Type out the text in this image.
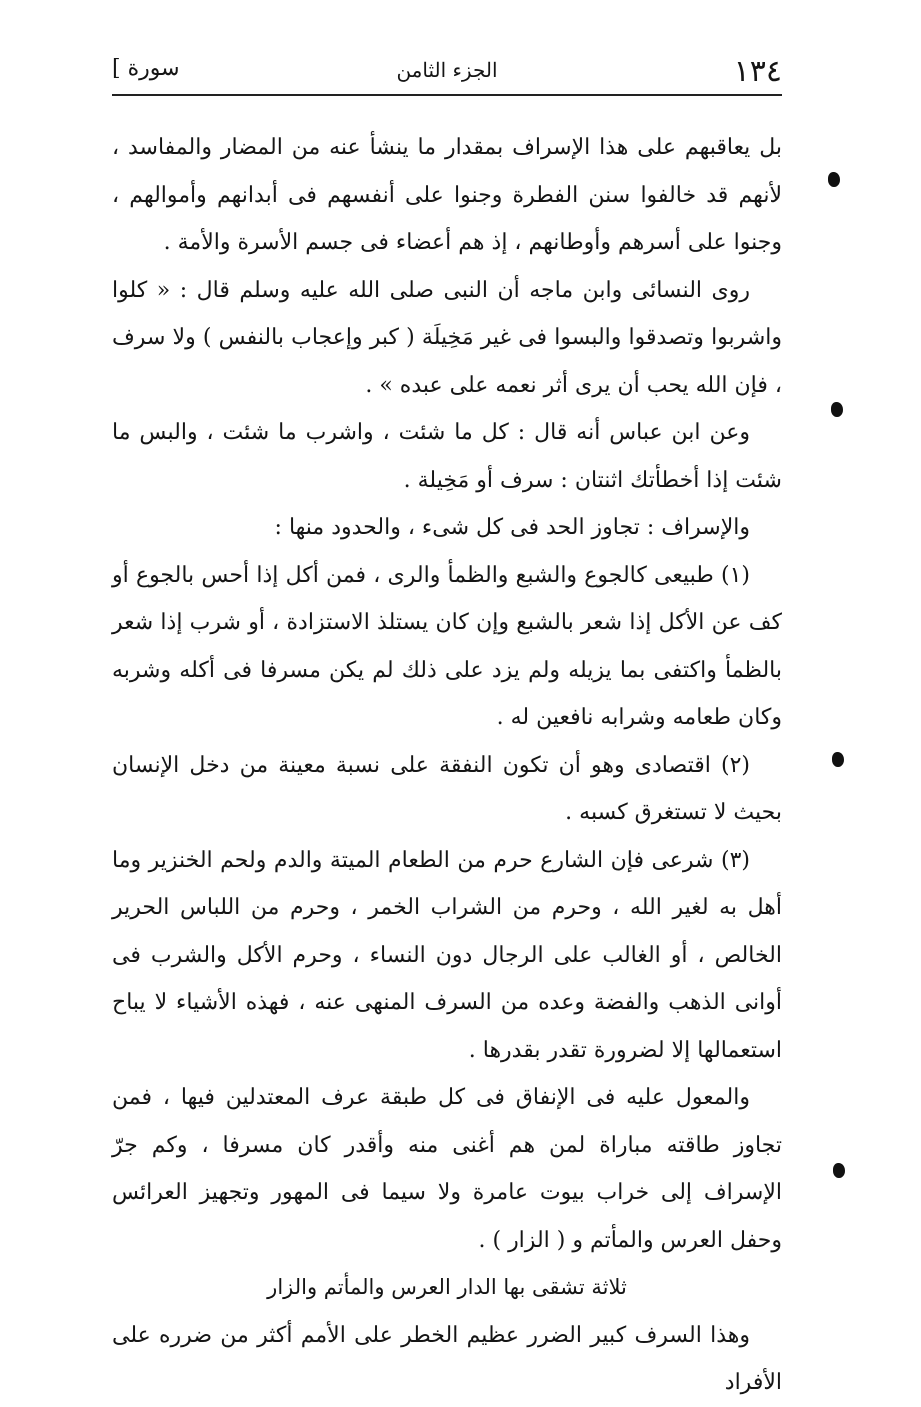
١٣٤
الجزء الثامن
[ سورة

بل يعاقبهم على هذا الإسراف بمقدار ما ينشأ عنه من المضار والمفاسد ، لأنهم قد خالفوا سنن الفطرة وجنوا على أنفسهم فى أبدانهم وأموالهم ، وجنوا على أسرهم وأوطانهم ، إذ هم أعضاء فى جسم الأسرة والأمة .

روى النسائى وابن ماجه أن النبى صلى الله عليه وسلم قال : « كلوا واشربوا وتصدقوا والبسوا فى غير مَخِيلَة ( كبر وإعجاب بالنفس ) ولا سرف ، فإن الله يحب أن يرى أثر نعمه على عبده » .

وعن ابن عباس أنه قال : كل ما شئت ، واشرب ما شئت ، والبس ما شئت إذا أخطأتك اثنتان : سرف أو مَخِيلة .

والإسراف : تجاوز الحد فى كل شىء ، والحدود منها :

(١) طبيعى كالجوع والشبع والظمأ والرى ، فمن أكل إذا أحس بالجوع أو كف عن الأكل إذا شعر بالشبع وإن كان يستلذ الاستزادة ، أو شرب إذا شعر بالظمأ واكتفى بما يزيله ولم يزد على ذلك لم يكن مسرفا فى أكله وشربه وكان طعامه وشرابه نافعين له .

(٢) اقتصادى وهو أن تكون النفقة على نسبة معينة من دخل الإنسان بحيث لا تستغرق كسبه .

(٣) شرعى فإن الشارع حرم من الطعام الميتة والدم ولحم الخنزير وما أهل به لغير الله ، وحرم من الشراب الخمر ، وحرم من اللباس الحرير الخالص ، أو الغالب على الرجال دون النساء ، وحرم الأكل والشرب فى أوانى الذهب والفضة وعده من السرف المنهى عنه ، فهذه الأشياء لا يباح استعمالها إلا لضرورة تقدر بقدرها .

والمعول عليه فى الإنفاق فى كل طبقة عرف المعتدلين فيها ، فمن تجاوز طاقته مباراة لمن هم أغنى منه وأقدر كان مسرفا ، وكم جرّ الإسراف إلى خراب بيوت عامرة ولا سيما فى المهور وتجهيز العرائس وحفل العرس والمأتم و ( الزار ) .

ثلاثة تشقى بها الدار العرس والمأتم والزار

وهذا السرف كبير الضرر عظيم الخطر على الأمم أكثر من ضرره على الأفراد
